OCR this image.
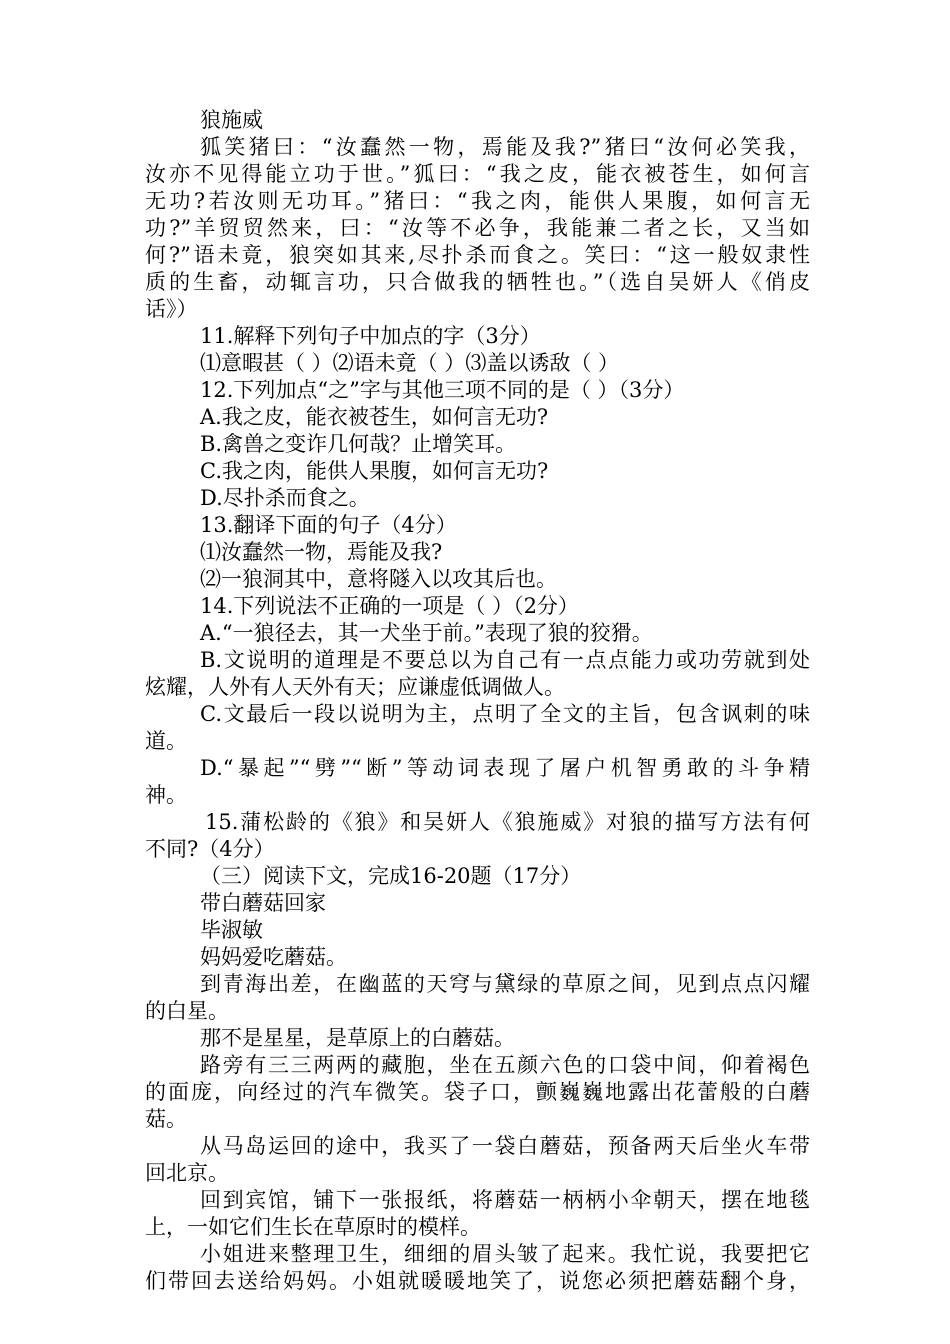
狼施威
狐笑猪曰：“汝蠢然一物，焉能及我?”猪曰“汝何必笑我，
汝亦不见得能立功于世。”狐曰：“我之皮，能衣被苍生，如何言
无功?若汝则无功耳。”猪曰：“我之肉，能供人果腹，如何言无
功?”羊贸贸然来，曰：“汝等不必争，我能兼二者之长，又当如
何?”语未竟，狼突如其来,尽扑杀而食之。笑曰：“这一般奴隶性
质的生畜，动辄言功，只合做我的牺牲也。”（选自吴妍人《俏皮
话》）
11.解释下列句子中加点的字（3分）
⑴意暇甚（ ）⑵语未竟（ ）⑶盖以诱敌（ ）
12.下列加点“之”字与其他三项不同的是（ ）（3分）
A.我之皮，能衣被苍生，如何言无功?
B.禽兽之变诈几何哉？止增笑耳。
C.我之肉，能供人果腹，如何言无功?
D.尽扑杀而食之。
13.翻译下面的句子（4分）
⑴汝蠢然一物，焉能及我?
⑵一狼洞其中，意将隧入以攻其后也。
14.下列说法不正确的一项是（ ）（2分）
A.“一狼径去，其一犬坐于前。”表现了狼的狡猾。
B.文说明的道理是不要总以为自己有一点点能力或功劳就到处
炫耀，人外有人天外有天；应谦虚低调做人。
C.文最后一段以说明为主，点明了全文的主旨，包含讽刺的味
道。
D.“暴起”“劈”“断”等动词表现了屠户机智勇敢的斗争精
神。
15.蒲松龄的《狼》和吴妍人《狼施威》对狼的描写方法有何
不同?（4分）
（三）阅读下文，完成16-20题（17分）
带白蘑菇回家
毕淑敏
妈妈爱吃蘑菇。
到青海出差，在幽蓝的天穹与黛绿的草原之间，见到点点闪耀
的白星。
那不是星星，是草原上的白蘑菇。
路旁有三三两两的藏胞，坐在五颜六色的口袋中间，仰着褐色
的面庞，向经过的汽车微笑。袋子口，颤巍巍地露出花蕾般的白蘑
菇。
从马岛运回的途中，我买了一袋白蘑菇，预备两天后坐火车带
回北京。
回到宾馆，铺下一张报纸，将蘑菇一柄柄小伞朝天，摆在地毯
上，一如它们生长在草原时的模样。
小姐进来整理卫生，细细的眉头皱了起来。我忙说，我要把它
们带回去送给妈妈。小姐就暖暖地笑了，说您必须把蘑菇翻个身，
